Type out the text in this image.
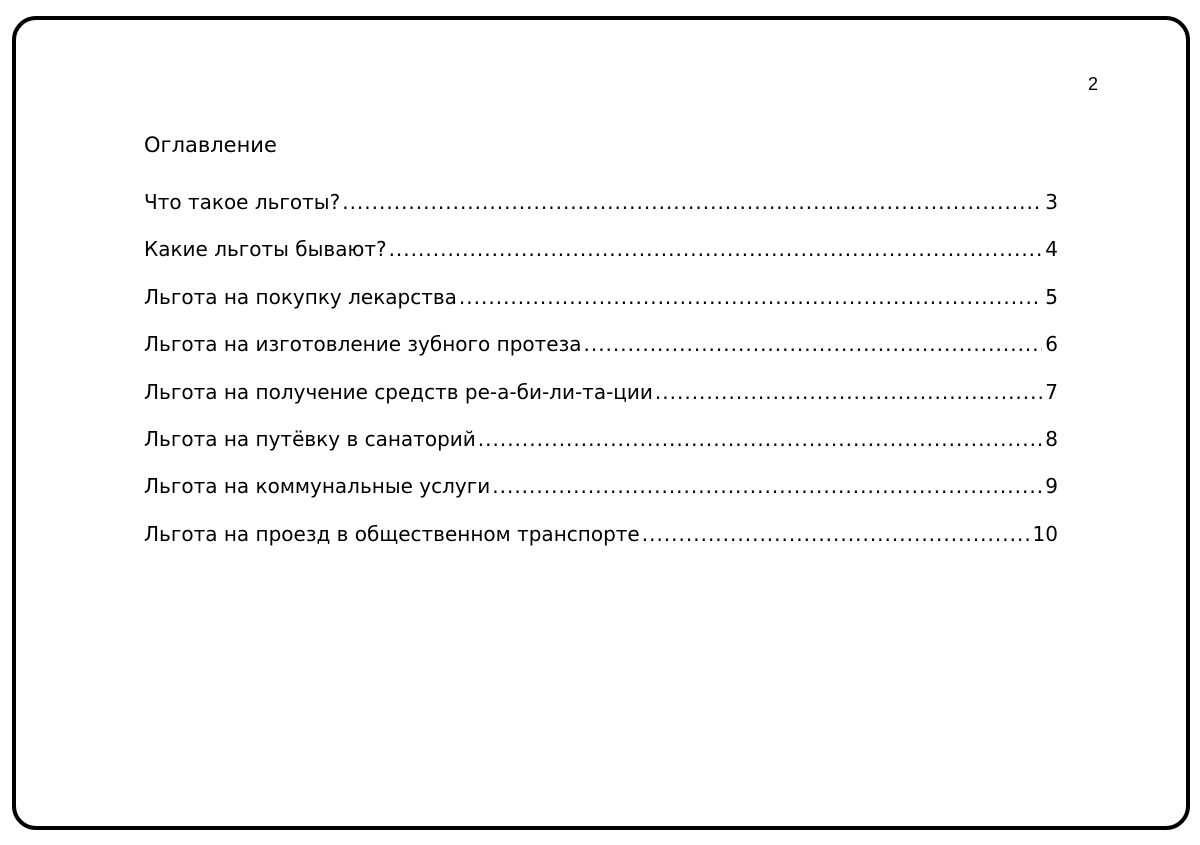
2
Оглавление
Что такое льготы? .....	3
Какие льготы бывают? .....	4
Льгота на покупку лекарства .....	5
Льгота на изготовление зубного протеза .....	6
Льгота на получение средств ре-а-би-ли-та-ции .....	7
Льгота на путёвку в санаторий .....	8
Льгота на коммунальные услуги .....	9
Льгота на проезд в общественном транспорте .....	10
